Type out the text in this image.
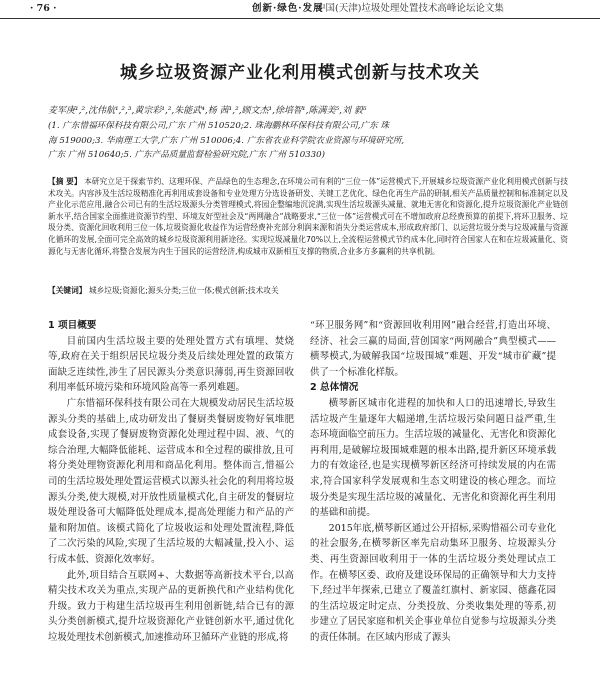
· 76 ·	创新·绿色·发展
中国(天津)垃圾处理处置技术高峰论坛论文集
城乡垃圾资源产业化利用模式创新与技术攻关
麦军庚¹,²,沈伟航¹,²,³,黄宗彩¹,²,朱能武⁴,杨 茜¹,²,顾文杰¹,徐培智¹,陈满美⁵,刘 毅⁵
(1. 广东惜福环保科技有限公司,广东 广州 510520;2. 珠海鹏林环保科技有限公司,广东 珠
海 519000;3. 华南理工大学,广东 广州 510006;4. 广东省农业科学院农业资源与环境研究所,
广东 广州 510640;5. 广东产品质量监督检验研究院,广东 广州 510330)
【摘 要】 本研究立足于探索节约、这理环保、产品绿色的生态理念,在环境公司有利的“三位一体”运营模式下,开展城乡垃圾资源产业化利用模式创新与技术攻关。内容涉及生活垃圾精准化再利用成套设备和专业处理方分选设备研发、关键工艺优化、绿色化再生产品的研制,相关产品质量控制和标准制定以及产业化示范应用,融合公司已有的生活垃圾源头分类管理模式,将园企整编地沉淀满,实现生活垃圾源头减量、就地无害化和资源化,提升垃圾资源化产业链创新水平,结合国家全面推进资源节约型、环境友好型社会及“两网融合”战略要求,“三位一体”运营模式可在不增加政府总经费预算的前提下,将环卫服务、垃圾分类、资源化回收利用三位一体,垃圾资源化收益作为运营经费补充部分利润来源和消失分类运营成本,形成政府部门、以运营垃圾分类与垃圾减量与资源化循环的发展,全面可完全高效的城乡垃圾资源利用新途径。实现垃圾减量化70%以上,全流程运营模式节约成本化,同时符合国家人在和在垃圾减量化、资源化与无害化循环,将整合发展为内生于国民的运营经济,构成城市双新相互支撑的物质,合业多方多赢利的共享机制。
【关键词】 城乡垃圾;资源化;源头分类;三位一体;模式创新;技术攻关
1 项目概要

目前国内生活垃圾主要的处理处置方式有填埋、焚烧等,政府在关于组织居民垃圾分类及后续处理处置的政策方面缺乏连续性,涉生了居民源头分类意识薄弱,再生资源回收利用率低环境污染和环境风险高等一系列难题。

广东惜福环保科技有限公司在大规模发动居民生活垃圾源头分类的基础上,成功研发出了餐厨类餐厨废物好氧堆肥成套设备,实现了餐厨废物资源化处理过程中固、液、气的综合治理,大幅降低能耗、运营成本和全过程的碳排放,且可将分类处理物资源化利用和商品化利用。整体而言,惜福公司的生活垃圾处理处置运营模式以源头社会化的利用将垃圾源头分类,使大规模,对开放性质量模式化,自主研发的餐厨垃圾处理设备可大幅降低处理成本,提高处理能力和产品的产量和附加值。该模式简化了垃圾收运和处理处置流程,降低了二次污染的风险,实现了生活垃圾的大幅减量,投入小、运行成本低、资源化效率好。

此外,项目结合互联网+、大数据等高新技术平台,以高精尖技术攻关为重点,实现产品的更新换代和产业结构优化升级。致力于构建生活垃圾再生利用创新链,结合已有的源头分类创新模式,提升垃圾资源化产业链创新水平,通过优化垃圾处理技术创新模式,加速推动环卫循环产业链的形成,将

“环卫服务网”和“资源回收利用网”融合经营,打造出环境、经济、社会三赢的局面,营创国家“两网融合”典型模式——横琴模式,为破解我国“垃圾围城”难题、开发“城市矿藏”提供了一个标准化样版。

2 总体情况

横琴新区城市化进程的加快和人口的迅速增长,导致生活垃圾产生量逐年大幅递增,生活垃圾污染问题日益严重,生态环境面临空前压力。生活垃圾的减量化、无害化和资源化再利用,是破解垃圾围城难题的根本出路,提升新区环境承载力的有效途径,也是实现横琴新区经济可持续发展的内在需求,符合国家科学发展观和生态文明建设的核心理念。而垃圾分类是实现生活垃圾的减量化、无害化和资源化再生利用的基础和前提。

2015年底,横琴新区通过公开招标,采购惜福公司专业化的社会服务,在横琴新区率先启动集环卫服务、垃圾源头分类、再生资源回收利用于一体的生活垃圾分类处理试点工作。在横琴区委、政府及建设环保局的正确领导和大力支持下,经过半年探索,已建立了覆盖红旗村、新家园、德鑫花园的生活垃圾定时定点、分类投放、分类收集处理的等系,初步建立了居民家庭和机关企事业单位自觉参与垃圾源头分类的责任体制。在区域内形成了源头
